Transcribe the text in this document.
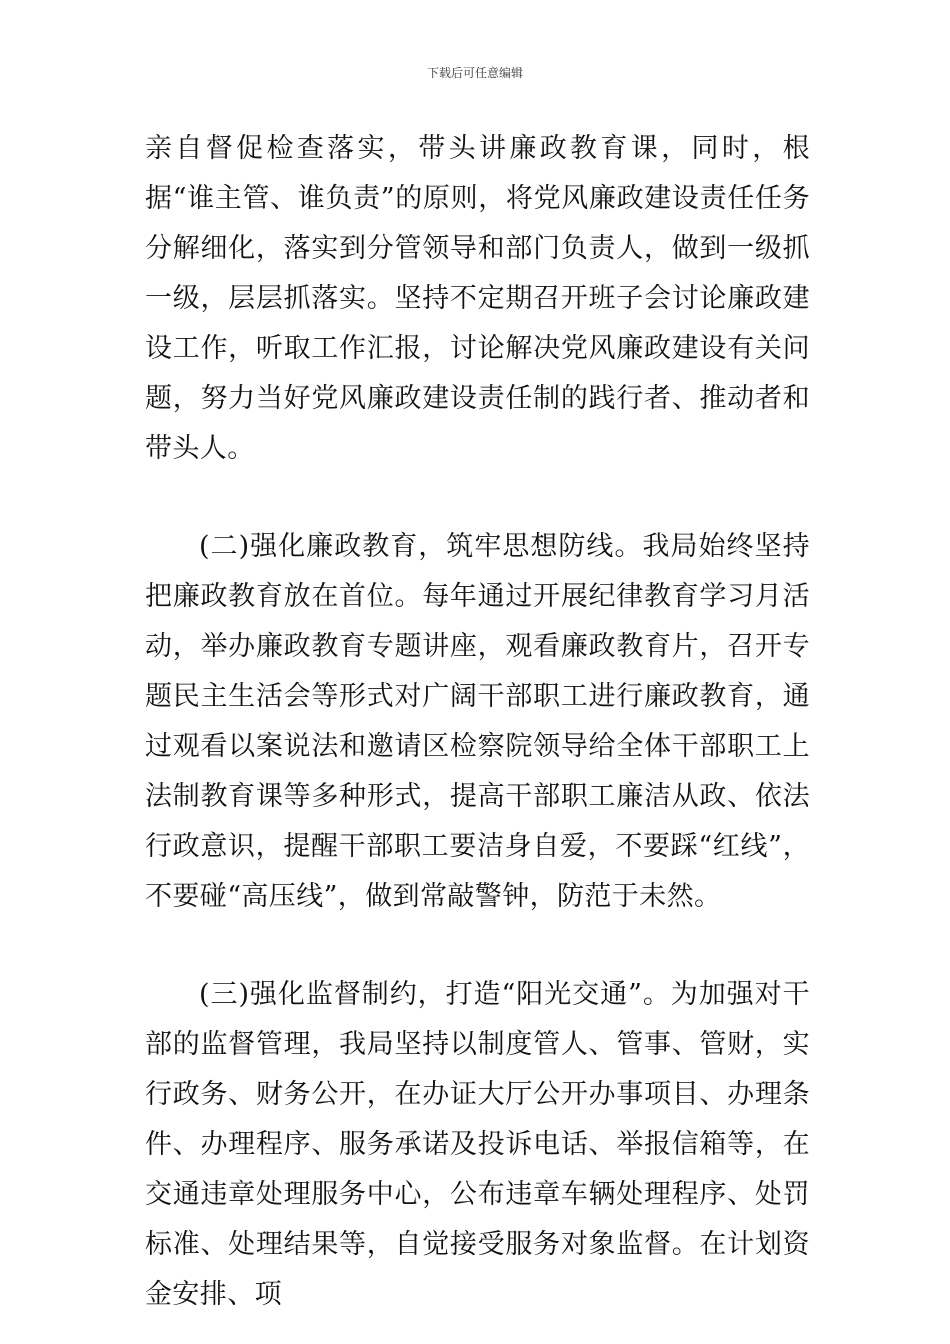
下载后可任意编辑

亲自督促检查落实，带头讲廉政教育课，同时，根据“谁主管、谁负责”的原则，将党风廉政建设责任任务分解细化，落实到分管领导和部门负责人，做到一级抓一级，层层抓落实。坚持不定期召开班子会讨论廉政建设工作，听取工作汇报，讨论解决党风廉政建设有关问题，努力当好党风廉政建设责任制的践行者、推动者和带头人。

(二)强化廉政教育，筑牢思想防线。我局始终坚持把廉政教育放在首位。每年通过开展纪律教育学习月活动，举办廉政教育专题讲座，观看廉政教育片，召开专题民主生活会等形式对广阔干部职工进行廉政教育，通过观看以案说法和邀请区检察院领导给全体干部职工上法制教育课等多种形式，提高干部职工廉洁从政、依法行政意识，提醒干部职工要洁身自爱，不要踩“红线”，不要碰“高压线”，做到常敲警钟，防范于未然。

(三)强化监督制约，打造“阳光交通”。为加强对干部的监督管理，我局坚持以制度管人、管事、管财，实行政务、财务公开，在办证大厅公开办事项目、办理条件、办理程序、服务承诺及投诉电话、举报信箱等，在交通违章处理服务中心，公布违章车辆处理程序、处罚标准、处理结果等，自觉接受服务对象监督。在计划资金安排、项
